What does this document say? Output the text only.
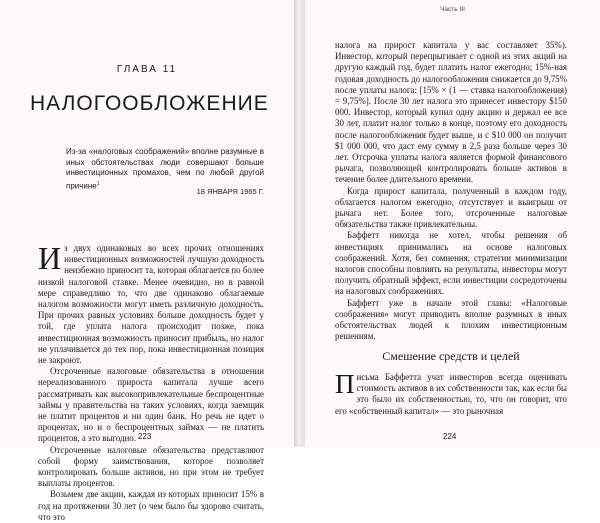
ГЛАВА 11
НАЛОГООБЛОЖЕНИЕ
Из-за «налоговых соображений» вполне разумные в иных обстоятельствах люди совершают больше инвестиционных промахов, чем по любой другой причине$^1$
18 ЯНВАРЯ 1965 Г.

Из двух одинаковых во всех прочих отношениях инвестиционных возможностей лучшую доходность неизбежно приносит та, которая облагается по более низкой налоговой ставке. Менее очевидно, но в равной мере справедливо то, что две одинаково облагаемые налогом возможности могут иметь различную доходность. При прочих равных условиях больше доходность будет у той, где уплата налога происходит позже, пока инвестиционная возможность приносит прибыль, но налог не уплачивается до тех пор, пока инвестиционная позиция не закроют.

Отсроченные налоговые обязательства в отношении нереализованного прироста капитала лучше всего рассматривать как высокопривлекательные беспроцентные займы у правительства на таких условиях, когда заемщик не платит процентов и ни один банк. Но речь не идет о процентах, но и о беспроцентных займах — не платить процентов, а это выгодно.

Отсроченные налоговые обязательства представляют собой форму заимствования, которое позволяет контролировать больше активов, но при этом не требует выплаты процентов.

Возьмем две акции, каждая из которых приносит 15% в год на протяжении 30 лет (о чем было бы здорово считать, что это

223
Часть III

налога на прирост капитала у вас составляет 35%). Инвестор, который перепрыгивает с одной из этих акций на другую каждый год, будет платить налог ежегодно; 15%-ная годовая доходность до налогообложения снижается до 9,75% после уплаты налога: [15% × (1 — ставка налогообложения) = 9,75%]. После 30 лет налога это принесет инвестору $150 000. Инвестор, который купил одну акцию и держал ее все 30 лет, платит налог только в конце, поэтому его доходность после налогообложения будет выше, и с $10 000 он получит $1 000 000, что даст ему сумму в 2,5 раза больше через 30 лет. Отсрочка уплаты налога является формой финансового рычага, позволяющей контролировать больше активов в течение более длительного времени.

Когда прирост капитала, полученный в каждом году, облагается налогом ежегодно, отсутствует и выигрыш от рычага нет. Более того, отсроченные налоговые обязательства также привлекательны.

Баффетт никогда не хотел, чтобы решения об инвестициях принимались на основе налоговых соображений. Хотя, без сомнения, стратегии минимизации налогов способны повлиять на результаты, инвесторы могут получить обратный эффект, если инвестиции сосредоточены на налоговых соображениях.

Баффетт уже в начале этой главы: «Налоговые соображения» могут приводить вполне разумных в иных обстоятельствах людей к плохим инвестиционным решениям.

Смешение средств и целей

Письма Баффетта учат инвесторов всегда оценивать стоимость активов в их собственности так, как если бы это было их собственностью, то, что он говорит, что его «собственный капитал» — это рыночная

224
